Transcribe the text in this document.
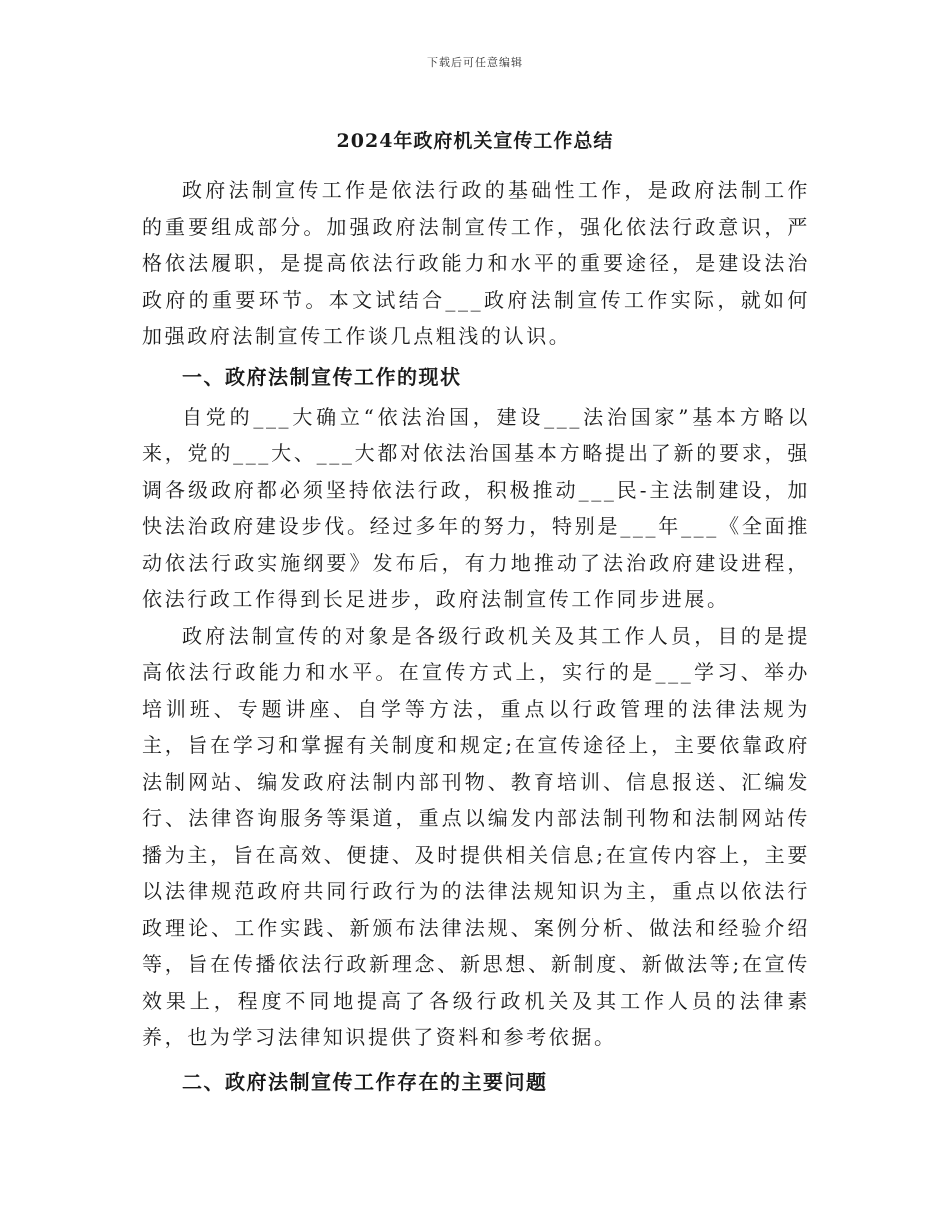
下载后可任意编辑
2024年政府机关宣传工作总结

政府法制宣传工作是依法行政的基础性工作，是政府法制工作的重要组成部分。加强政府法制宣传工作，强化依法行政意识，严格依法履职，是提高依法行政能力和水平的重要途径，是建设法治政府的重要环节。本文试结合___政府法制宣传工作实际，就如何加强政府法制宣传工作谈几点粗浅的认识。

一、政府法制宣传工作的现状

自党的___大确立“依法治国，建设___法治国家”基本方略以来，党的___大、___大都对依法治国基本方略提出了新的要求，强调各级政府都必须坚持依法行政，积极推动___民-主法制建设，加快法治政府建设步伐。经过多年的努力，特别是___年___《全面推动依法行政实施纲要》发布后，有力地推动了法治政府建设进程，依法行政工作得到长足进步，政府法制宣传工作同步进展。

政府法制宣传的对象是各级行政机关及其工作人员，目的是提高依法行政能力和水平。在宣传方式上，实行的是___学习、举办培训班、专题讲座、自学等方法，重点以行政管理的法律法规为主，旨在学习和掌握有关制度和规定;在宣传途径上，主要依靠政府法制网站、编发政府法制内部刊物、教育培训、信息报送、汇编发行、法律咨询服务等渠道，重点以编发内部法制刊物和法制网站传播为主，旨在高效、便捷、及时提供相关信息;在宣传内容上，主要以法律规范政府共同行政行为的法律法规知识为主，重点以依法行政理论、工作实践、新颁布法律法规、案例分析、做法和经验介绍等，旨在传播依法行政新理念、新思想、新制度、新做法等;在宣传效果上，程度不同地提高了各级行政机关及其工作人员的法律素养，也为学习法律知识提供了资料和参考依据。

二、政府法制宣传工作存在的主要问题
